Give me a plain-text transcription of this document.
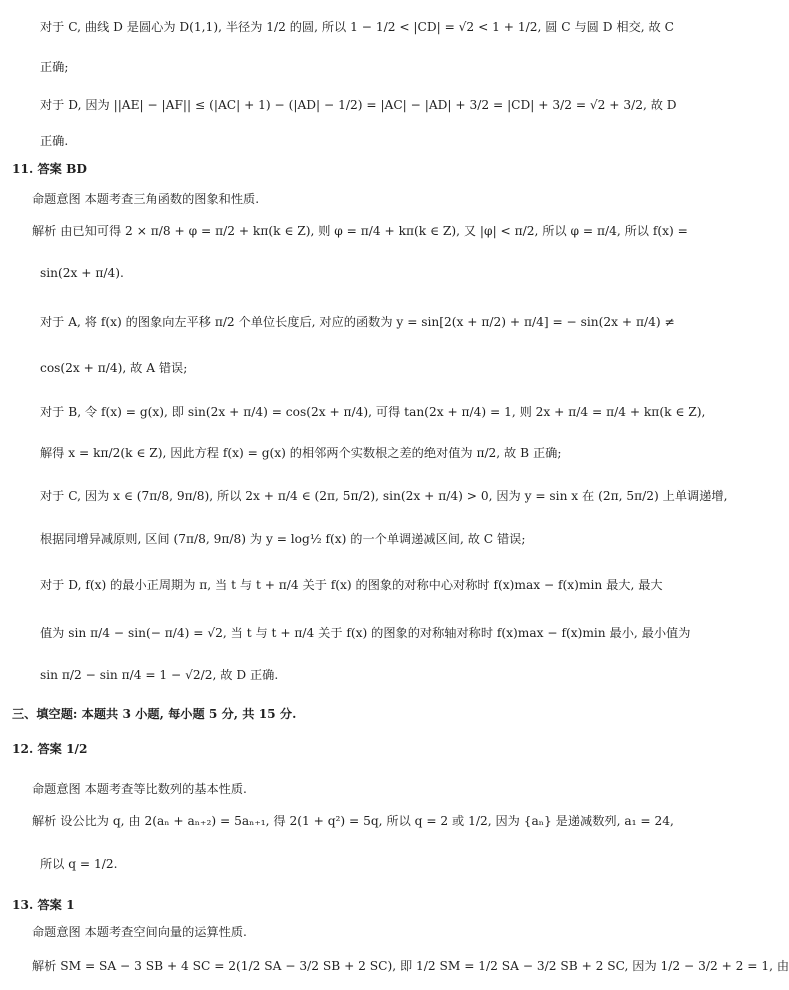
对于 C, 曲线 D 是圆心为 D(1,1), 半径为 1/2 的圆, 所以 1 − 1/2 < |CD| = √2 < 1 + 1/2, 圆 C 与圆 D 相交, 故 C
正确;
对于 D, 因为 ||AE| − |AF|| ≤ (|AC| + 1) − (|AD| − 1/2) = |AC| − |AD| + 3/2 = |CD| + 3/2 = √2 + 3/2, 故 D
正确.
11. 答案 BD
命题意图 本题考查三角函数的图象和性质.
解析 由已知可得 2 × π/8 + φ = π/2 + kπ(k ∈ Z), 则 φ = π/4 + kπ(k ∈ Z), 又 |φ| < π/2, 所以 φ = π/4, 所以 f(x) =
sin(2x + π/4).
对于 A, 将 f(x) 的图象向左平移 π/2 个单位长度后, 对应的函数为 y = sin[2(x + π/2) + π/4] = − sin(2x + π/4) ≠
cos(2x + π/4), 故 A 错误;
对于 B, 令 f(x) = g(x), 即 sin(2x + π/4) = cos(2x + π/4), 可得 tan(2x + π/4) = 1, 则 2x + π/4 = π/4 + kπ(k ∈ Z),
解得 x = kπ/2(k ∈ Z), 因此方程 f(x) = g(x) 的相邻两个实数根之差的绝对值为 π/2, 故 B 正确;
对于 C, 因为 x ∈ (7π/8, 9π/8), 所以 2x + π/4 ∈ (2π, 5π/2), sin(2x + π/4) > 0, 因为 y = sin x 在 (2π, 5π/2) 上单调递增,
根据同增异减原则, 区间 (7π/8, 9π/8) 为 y = log½ f(x) 的一个单调递减区间, 故 C 错误;
对于 D, f(x) 的最小正周期为 π, 当 t 与 t + π/4 关于 f(x) 的图象的对称中心对称时 f(x)max − f(x)min 最大, 最大
值为 sin π/4 − sin(− π/4) = √2, 当 t 与 t + π/4 关于 f(x) 的图象的对称轴对称时 f(x)max − f(x)min 最小, 最小值为
sin π/2 − sin π/4 = 1 − √2/2, 故 D 正确.
三、填空题: 本题共 3 小题, 每小题 5 分, 共 15 分.
12. 答案 1/2
命题意图 本题考查等比数列的基本性质.
解析 设公比为 q, 由 2(aₙ + aₙ₊₂) = 5aₙ₊₁, 得 2(1 + q²) = 5q, 所以 q = 2 或 1/2, 因为 {aₙ} 是递减数列, a₁ = 24,
所以 q = 1/2.
13. 答案 1
命题意图 本题考查空间向量的运算性质.
解析 SM = SA − 3 SB + 4 SC = 2(1/2 SA − 3/2 SB + 2 SC), 即 1/2 SM = 1/2 SA − 3/2 SB + 2 SC, 因为 1/2 − 3/2 + 2 = 1, 由
